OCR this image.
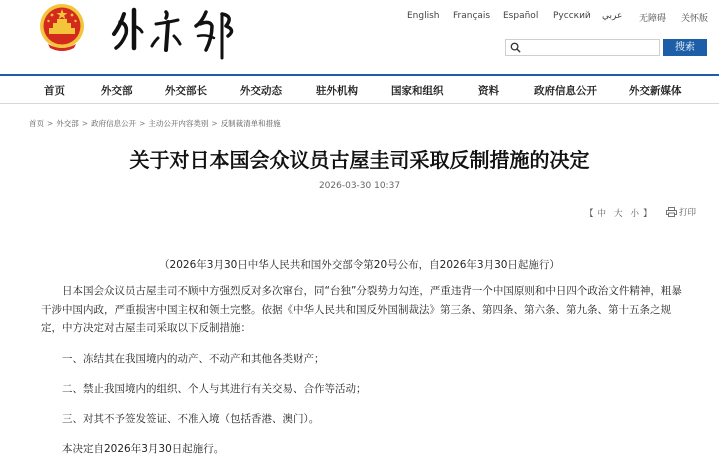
English Français Español Русский عربي 无障碍 关怀版
搜索
首页	外交部	外交部长	外交动态	驻外机构	国家和组织	资料	政府信息公开	外交新媒体
首页 > 外交部 > 政府信息公开 > 主动公开内容类别 > 反制裁清单和措施
关于对日本国会众议员古屋圭司采取反制措施的决定
2026-03-30 10:37
【 中 大 小 】	打印
（2026年3月30日中华人民共和国外交部令第20号公布，自2026年3月30日起施行）

日本国会众议员古屋圭司不顾中方强烈反对多次窜台，同“台独”分裂势力勾连，严重违背一个中国原则和中日四个政治文件精神，粗暴干涉中国内政，严重损害中国主权和领土完整。依据《中华人民共和国反外国制裁法》第三条、第四条、第六条、第九条、第十五条之规定，中方决定对古屋圭司采取以下反制措施：

一、冻结其在我国境内的动产、不动产和其他各类财产；

二、禁止我国境内的组织、个人与其进行有关交易、合作等活动；

三、对其不予签发签证、不准入境（包括香港、澳门）。

本决定自2026年3月30日起施行。
